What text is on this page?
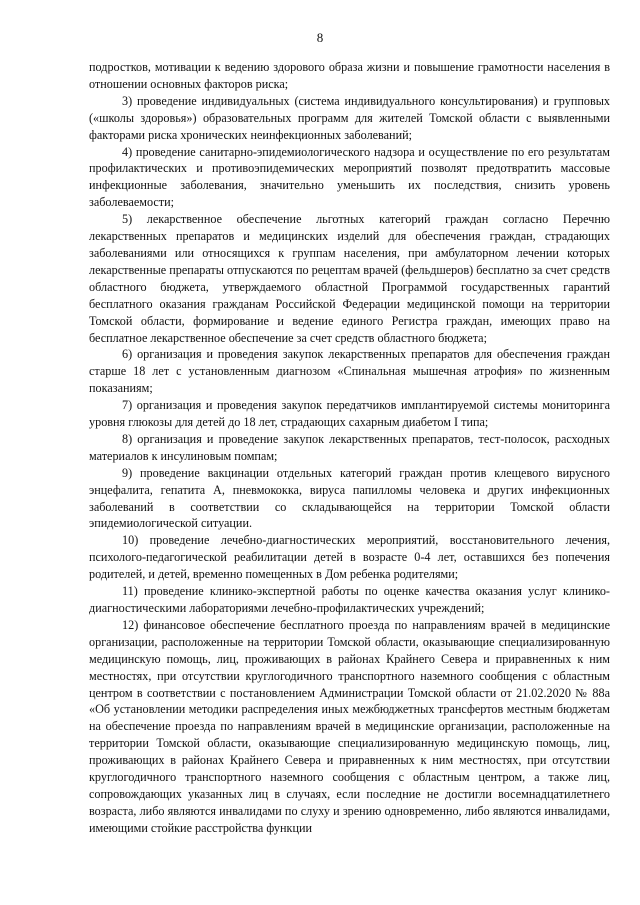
8

подростков, мотивации к ведению здорового образа жизни и повышение грамотности населения в отношении основных факторов риска;

3) проведение индивидуальных (система индивидуального консультирования) и групповых («школы здоровья») образовательных программ для жителей Томской области с выявленными факторами риска хронических неинфекционных заболеваний;

4) проведение санитарно-эпидемиологического надзора и осуществление по его результатам профилактических и противоэпидемических мероприятий позволят предотвратить массовые инфекционные заболевания, значительно уменьшить их последствия, снизить уровень заболеваемости;

5) лекарственное обеспечение льготных категорий граждан согласно Перечню лекарственных препаратов и медицинских изделий для обеспечения граждан, страдающих заболеваниями или относящихся к группам населения, при амбулаторном лечении которых лекарственные препараты отпускаются по рецептам врачей (фельдшеров) бесплатно за счет средств областного бюджета, утверждаемого областной Программой государственных гарантий бесплатного оказания гражданам Российской Федерации медицинской помощи на территории Томской области, формирование и ведение единого Регистра граждан, имеющих право на бесплатное лекарственное обеспечение за счет средств областного бюджета;

6) организация и проведения закупок лекарственных препаратов для обеспечения граждан старше 18 лет с установленным диагнозом «Спинальная мышечная атрофия» по жизненным показаниям;

7) организация и проведения закупок передатчиков имплантируемой системы мониторинга уровня глюкозы для детей до 18 лет, страдающих сахарным диабетом I типа;

8) организация и проведение закупок лекарственных препаратов, тест-полосок, расходных материалов к инсулиновым помпам;

9) проведение вакцинации отдельных категорий граждан против клещевого вирусного энцефалита, гепатита А, пневмококка, вируса папилломы человека и других инфекционных заболеваний в соответствии со складывающейся на территории Томской области эпидемиологической ситуации.

10) проведение лечебно-диагностических мероприятий, восстановительного лечения, психолого-педагогической реабилитации детей в возрасте 0-4 лет, оставшихся без попечения родителей, и детей, временно помещенных в Дом ребенка родителями;

11) проведение клинико-экспертной работы по оценке качества оказания услуг клинико-диагностическими лабораториями лечебно-профилактических учреждений;

12) финансовое обеспечение бесплатного проезда по направлениям врачей в медицинские организации, расположенные на территории Томской области, оказывающие специализированную медицинскую помощь, лиц, проживающих в районах Крайнего Севера и приравненных к ним местностях, при отсутствии круглогодичного транспортного наземного сообщения с областным центром в соответствии с постановлением Администрации Томской области от 21.02.2020 № 88а «Об установлении методики распределения иных межбюджетных трансфертов местным бюджетам на обеспечение проезда по направлениям врачей в медицинские организации, расположенные на территории Томской области, оказывающие специализированную медицинскую помощь, лиц, проживающих в районах Крайнего Севера и приравненных к ним местностях, при отсутствии круглогодичного транспортного наземного сообщения с областным центром, а также лиц, сопровождающих указанных лиц в случаях, если последние не достигли восемнадцатилетнего возраста, либо являются инвалидами по слуху и зрению одновременно, либо являются инвалидами, имеющими стойкие расстройства функции
